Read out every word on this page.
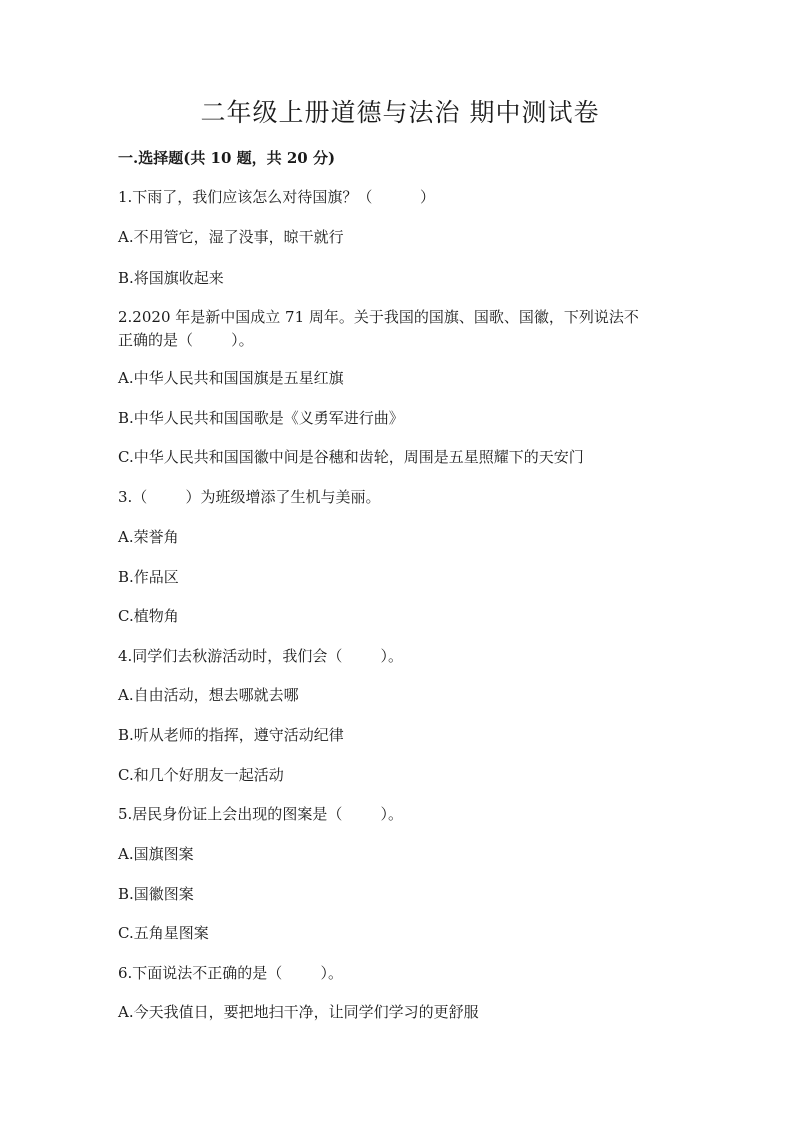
二年级上册道德与法治 期中测试卷
一.选择题(共 10 题，共 20 分)
1.下雨了，我们应该怎么对待国旗？（          ）
A.不用管它，湿了没事，晾干就行
B.将国旗收起来
2.2020 年是新中国成立 71 周年。关于我国的国旗、国歌、国徽，下列说法不
正确的是（        ）。
A.中华人民共和国国旗是五星红旗
B.中华人民共和国国歌是《义勇军进行曲》
C.中华人民共和国国徽中间是谷穗和齿轮，周围是五星照耀下的天安门
3.（        ）为班级增添了生机与美丽。
A.荣誉角
B.作品区
C.植物角
4.同学们去秋游活动时，我们会（        ）。
A.自由活动，想去哪就去哪
B.听从老师的指挥，遵守活动纪律
C.和几个好朋友一起活动
5.居民身份证上会出现的图案是（        ）。
A.国旗图案
B.国徽图案
C.五角星图案
6.下面说法不正确的是（        ）。
A.今天我值日，要把地扫干净，让同学们学习的更舒服
